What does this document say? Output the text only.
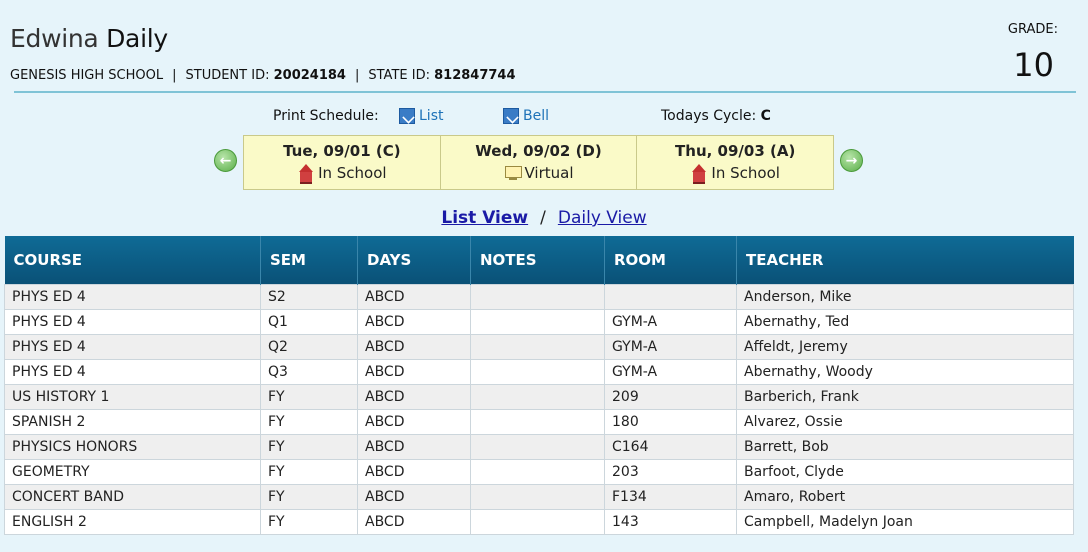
Edwina Daily
GENESIS HIGH SCHOOL | STUDENT ID: 20024184 | STATE ID: 812847744
GRADE:
10
Print Schedule:	List	Bell	Todays Cycle: C
←
Tue, 09/01 (C)
In School
Wed, 09/02 (D)
Virtual
Thu, 09/03 (A)
In School
→
List View / Daily View
COURSE	SEM	DAYS	NOTES	ROOM	TEACHER
PHYS ED 4	S2	ABCD			Anderson, Mike
PHYS ED 4	Q1	ABCD		GYM-A	Abernathy, Ted
PHYS ED 4	Q2	ABCD		GYM-A	Affeldt, Jeremy
PHYS ED 4	Q3	ABCD		GYM-A	Abernathy, Woody
US HISTORY 1	FY	ABCD		209	Barberich, Frank
SPANISH 2	FY	ABCD		180	Alvarez, Ossie
PHYSICS HONORS	FY	ABCD		C164	Barrett, Bob
GEOMETRY	FY	ABCD		203	Barfoot, Clyde
CONCERT BAND	FY	ABCD		F134	Amaro, Robert
ENGLISH 2	FY	ABCD		143	Campbell, Madelyn Joan
